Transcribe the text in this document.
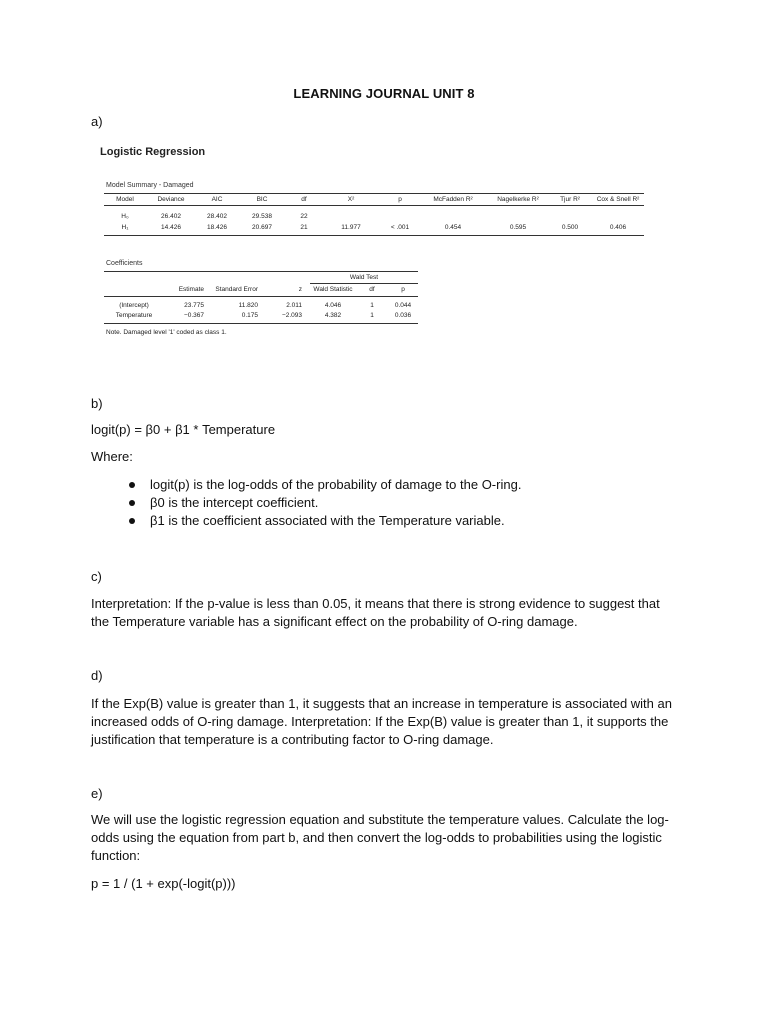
LEARNING JOURNAL UNIT 8
a)
Logistic Regression
Model Summary - Damaged
Model	Deviance	AIC	BIC	df	X²	p	McFadden R²	Nagelkerke R²	Tjur R²	Cox & Snell R²
H₀	26.402	28.402	29.538	22
H₁	14.426	18.426	20.697	21	11.977	< .001	0.454	0.595	0.500	0.406
Coefficients
Wald Test
Estimate	Standard Error	z	Wald Statistic	df	p
(Intercept)	23.775	11.820	2.011	4.046	1	0.044
Temperature	−0.367	0.175	−2.093	4.382	1	0.036
Note. Damaged level '1' coded as class 1.
b)
logit(p) = β0 + β1 * Temperature
Where:
logit(p) is the log-odds of the probability of damage to the O-ring.
β0 is the intercept coefficient.
β1 is the coefficient associated with the Temperature variable.
c)

Interpretation: If the p-value is less than 0.05, it means that there is strong evidence to suggest that the Temperature variable has a significant effect on the probability of O-ring damage.

d)

If the Exp(B) value is greater than 1, it suggests that an increase in temperature is associated with an increased odds of O-ring damage. Interpretation: If the Exp(B) value is greater than 1, it supports the justification that temperature is a contributing factor to O-ring damage.

e)

We will use the logistic regression equation and substitute the temperature values. Calculate the log-odds using the equation from part b, and then convert the log-odds to probabilities using the logistic function:

p = 1 / (1 + exp(-logit(p)))
